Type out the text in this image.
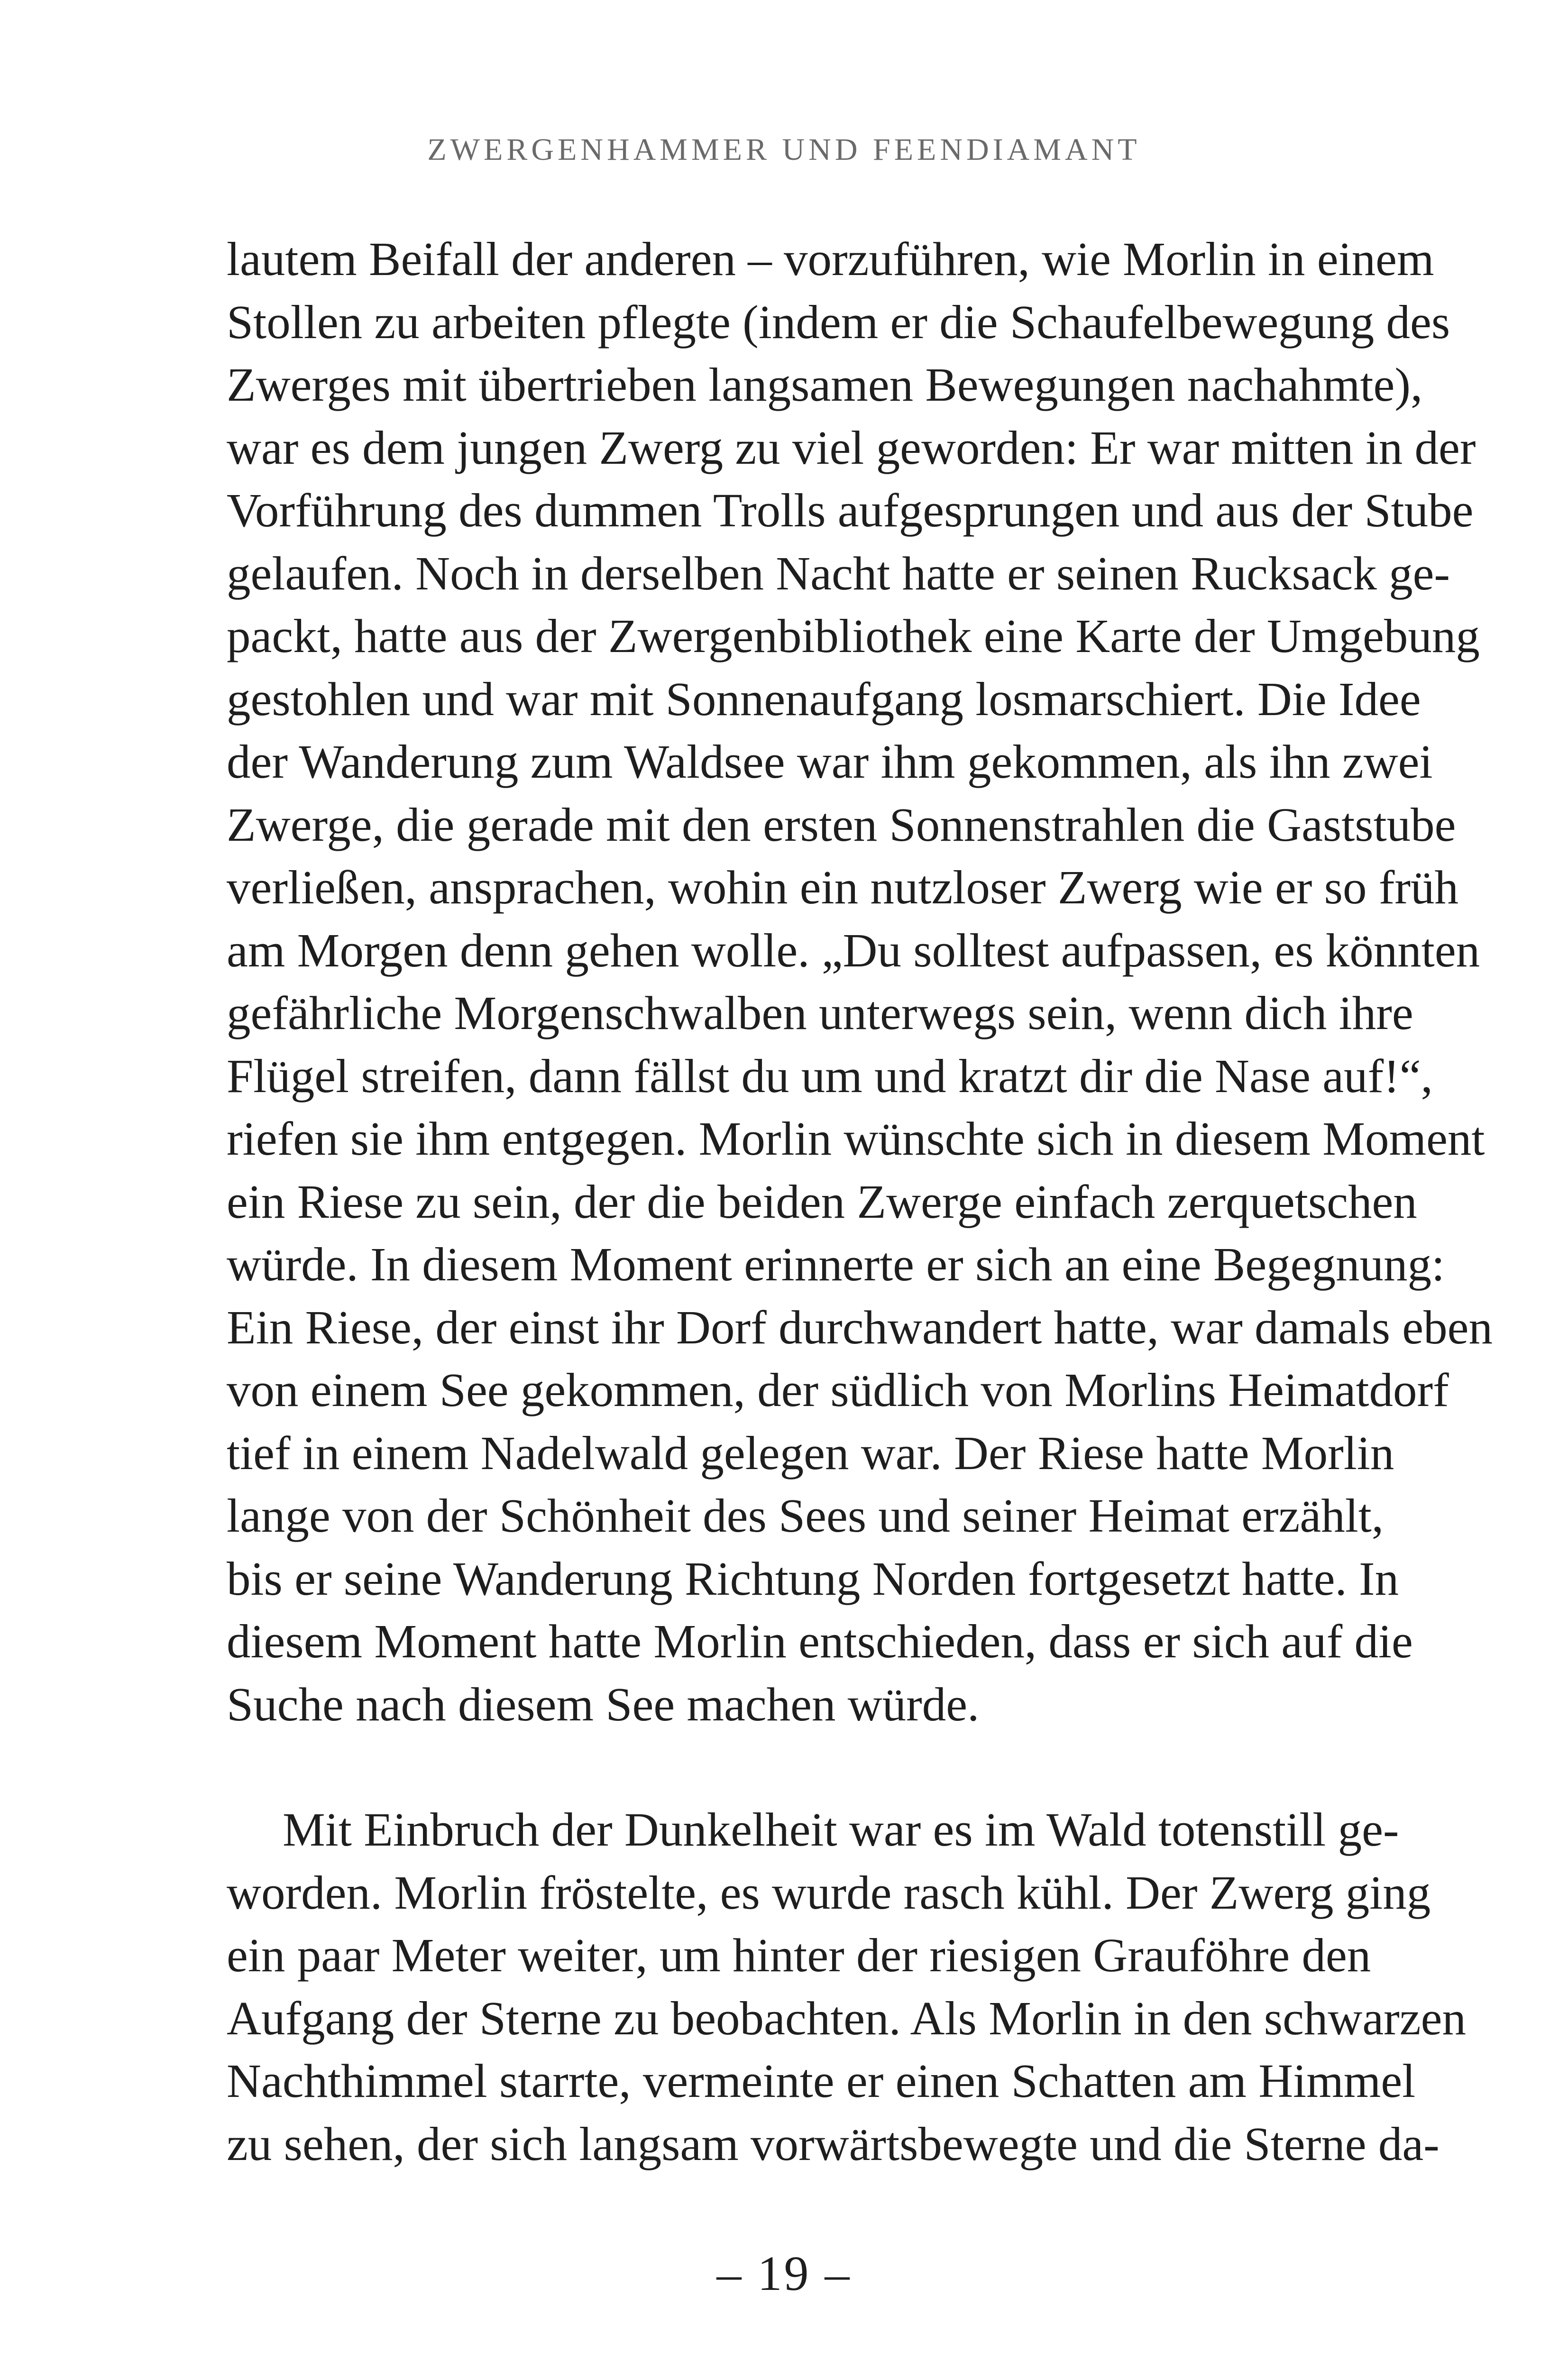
ZWERGENHAMMER UND FEENDIAMANT

lautem Beifall der anderen – vorzuführen, wie Morlin in einem
Stollen zu arbeiten pflegte (indem er die Schaufelbewegung des
Zwerges mit übertrieben langsamen Bewegungen nachahmte),
war es dem jungen Zwerg zu viel geworden: Er war mitten in der
Vorführung des dummen Trolls aufgesprungen und aus der Stube
gelaufen. Noch in derselben Nacht hatte er seinen Rucksack ge-
packt, hatte aus der Zwergenbibliothek eine Karte der Umgebung
gestohlen und war mit Sonnenaufgang losmarschiert. Die Idee
der Wanderung zum Waldsee war ihm gekommen, als ihn zwei
Zwerge, die gerade mit den ersten Sonnenstrahlen die Gaststube
verließen, ansprachen, wohin ein nutzloser Zwerg wie er so früh
am Morgen denn gehen wolle. „Du solltest aufpassen, es könnten
gefährliche Morgenschwalben unterwegs sein, wenn dich ihre
Flügel streifen, dann fällst du um und kratzt dir die Nase auf!“,
riefen sie ihm entgegen. Morlin wünschte sich in diesem Moment
ein Riese zu sein, der die beiden Zwerge einfach zerquetschen
würde. In diesem Moment erinnerte er sich an eine Begegnung:
Ein Riese, der einst ihr Dorf durchwandert hatte, war damals eben
von einem See gekommen, der südlich von Morlins Heimatdorf
tief in einem Nadelwald gelegen war. Der Riese hatte Morlin
lange von der Schönheit des Sees und seiner Heimat erzählt,
bis er seine Wanderung Richtung Norden fortgesetzt hatte. In
diesem Moment hatte Morlin entschieden, dass er sich auf die
Suche nach diesem See machen würde.
Mit Einbruch der Dunkelheit war es im Wald totenstill ge-
worden. Morlin fröstelte, es wurde rasch kühl. Der Zwerg ging
ein paar Meter weiter, um hinter der riesigen Grauföhre den
Aufgang der Sterne zu beobachten. Als Morlin in den schwarzen
Nachthimmel starrte, vermeinte er einen Schatten am Himmel
zu sehen, der sich langsam vorwärtsbewegte und die Sterne da-

– 19 –
